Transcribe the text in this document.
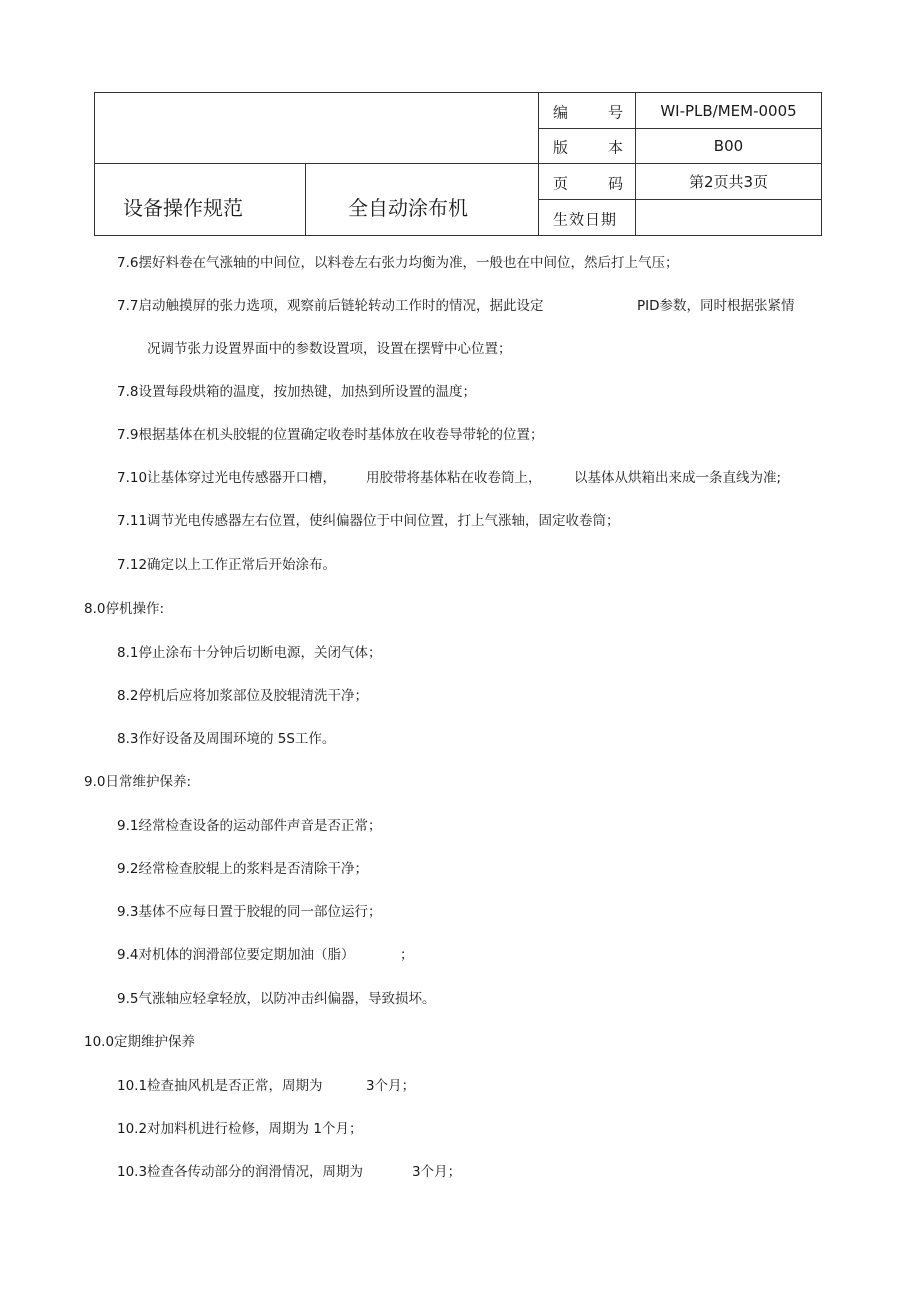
		编 号	WI-PLB/MEM-0005

		版 本	B00
设备操作规范	全自动涂布机	页 码	第2页共3页

		生效日期	

7.6摆好料卷在气涨轴的中间位，以料卷左右张力均衡为准，一般也在中间位，然后打上气压；
7.7启动触摸屏的张力选项，观察前后链轮转动工作时的情况，据此设定	PID参数，同时根据张紧情
况调节张力设置界面中的参数设置项，设置在摆臂中心位置；
7.8设置每段烘箱的温度，按加热键，加热到所设置的温度；
7.9根据基体在机头胶辊的位置确定收卷时基体放在收卷导带轮的位置；
7.10让基体穿过光电传感器开口槽， 用胶带将基体粘在收卷筒上， 以基体从烘箱出来成一条直线为准;
7.11调节光电传感器左右位置，使纠偏器位于中间位置，打上气涨轴，固定收卷筒；
7.12确定以上工作正常后开始涂布。
8.0停机操作:
8.1停止涂布十分钟后切断电源，关闭气体；
8.2停机后应将加浆部位及胶辊清洗干净；
8.3作好设备及周围环境的 5S工作。
9.0日常维护保养:
9.1经常检查设备的运动部件声音是否正常；
9.2经常检查胶辊上的浆料是否清除干净；
9.3基体不应每日置于胶辊的同一部位运行；
9.4对机体的润滑部位要定期加油（脂）	；
9.5气涨轴应轻拿轻放，以防冲击纠偏器，导致损坏。
10.0定期维护保养
10.1检查抽风机是否正常，周期为	3个月；
10.2对加料机进行检修，周期为 1个月；
10.3检查各传动部分的润滑情况，周期为	3个月；
